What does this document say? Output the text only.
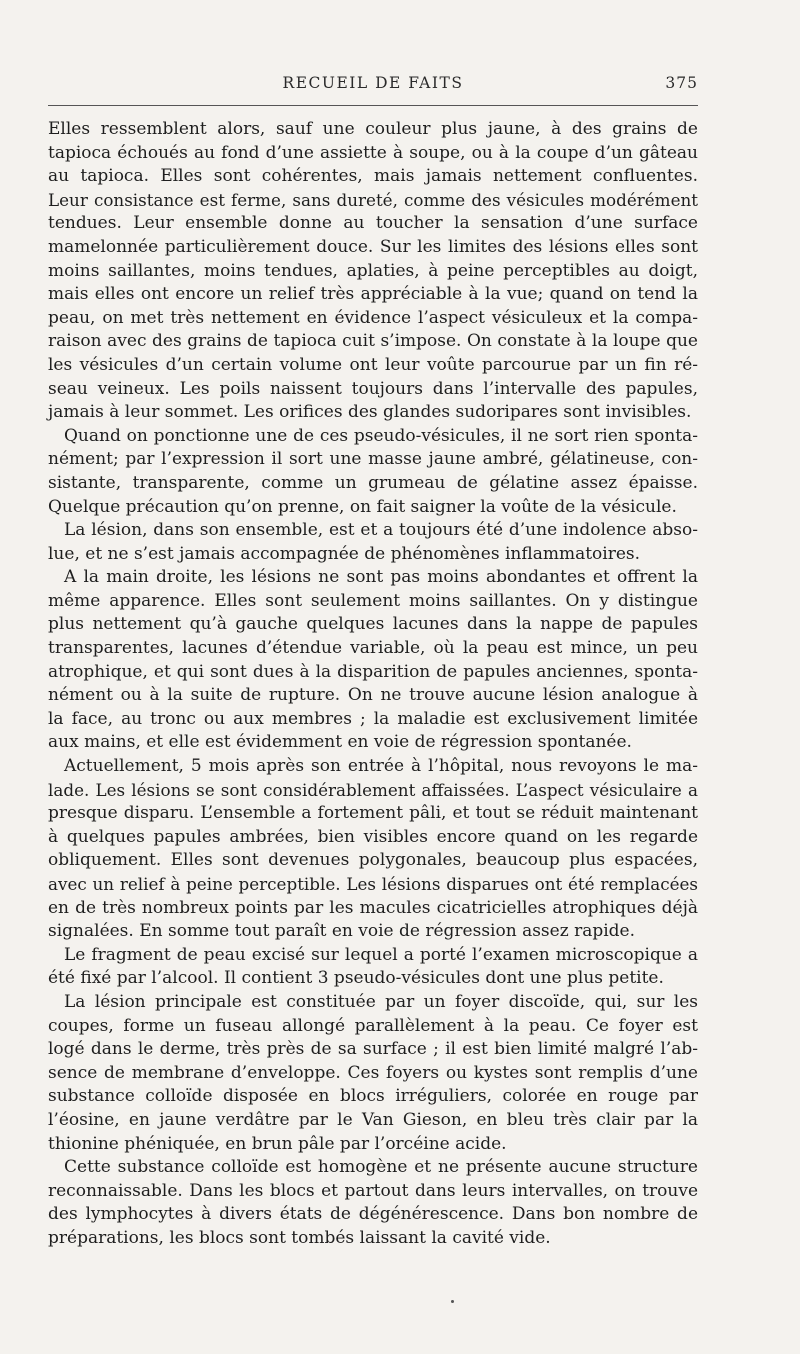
RECUEIL DE FAITS	375
Elles ressemblent alors, sauf une couleur plus jaune, à des grains de
tapioca échoués au fond d’une assiette à soupe, ou à la coupe d’un gâteau
au tapioca. Elles sont cohérentes, mais jamais nettement confluentes.
Leur consistance est ferme, sans dureté, comme des vésicules modérément
tendues. Leur ensemble donne au toucher la sensation d’une surface
mamelonnée particulièrement douce. Sur les limites des lésions elles sont
moins saillantes, moins tendues, aplaties, à peine perceptibles au doigt,
mais elles ont encore un relief très appréciable à la vue; quand on tend la
peau, on met très nettement en évidence l’aspect vésiculeux et la compa-
raison avec des grains de tapioca cuit s’impose. On constate à la loupe que
les vésicules d’un certain volume ont leur voûte parcourue par un fin ré-
seau veineux. Les poils naissent toujours dans l’intervalle des papules,
jamais à leur sommet. Les orifices des glandes sudoripares sont invisibles.
Quand on ponctionne une de ces pseudo-vésicules, il ne sort rien sponta-
nément; par l’expression il sort une masse jaune ambré, gélatineuse, con-
sistante, transparente, comme un grumeau de gélatine assez épaisse.
Quelque précaution qu’on prenne, on fait saigner la voûte de la vésicule.
La lésion, dans son ensemble, est et a toujours été d’une indolence abso-
lue, et ne s’est jamais accompagnée de phénomènes inflammatoires.
A la main droite, les lésions ne sont pas moins abondantes et offrent la
même apparence. Elles sont seulement moins saillantes. On y distingue
plus nettement qu’à gauche quelques lacunes dans la nappe de papules
transparentes, lacunes d’étendue variable, où la peau est mince, un peu
atrophique, et qui sont dues à la disparition de papules anciennes, sponta-
nément ou à la suite de rupture. On ne trouve aucune lésion analogue à
la face, au tronc ou aux membres ; la maladie est exclusivement limitée
aux mains, et elle est évidemment en voie de régression spontanée.
Actuellement, 5 mois après son entrée à l’hôpital, nous revoyons le ma-
lade. Les lésions se sont considérablement affaissées. L’aspect vésiculaire a
presque disparu. L’ensemble a fortement pâli, et tout se réduit maintenant
à quelques papules ambrées, bien visibles encore quand on les regarde
obliquement. Elles sont devenues polygonales, beaucoup plus espacées,
avec un relief à peine perceptible. Les lésions disparues ont été remplacées
en de très nombreux points par les macules cicatricielles atrophiques déjà
signalées. En somme tout paraît en voie de régression assez rapide.
Le fragment de peau excisé sur lequel a porté l’examen microscopique a
été fixé par l’alcool. Il contient 3 pseudo-vésicules dont une plus petite.
La lésion principale est constituée par un foyer discoïde, qui, sur les
coupes, forme un fuseau allongé parallèlement à la peau. Ce foyer est
logé dans le derme, très près de sa surface ; il est bien limité malgré l’ab-
sence de membrane d’enveloppe. Ces foyers ou kystes sont remplis d’une
substance colloïde disposée en blocs irréguliers, colorée en rouge par
l’éosine, en jaune verdâtre par le Van Gieson, en bleu très clair par la
thionine phéniquée, en brun pâle par l’orcéine acide.
Cette substance colloïde est homogène et ne présente aucune structure
reconnaissable. Dans les blocs et partout dans leurs intervalles, on trouve
des lymphocytes à divers états de dégénérescence. Dans bon nombre de
préparations, les blocs sont tombés laissant la cavité vide.
